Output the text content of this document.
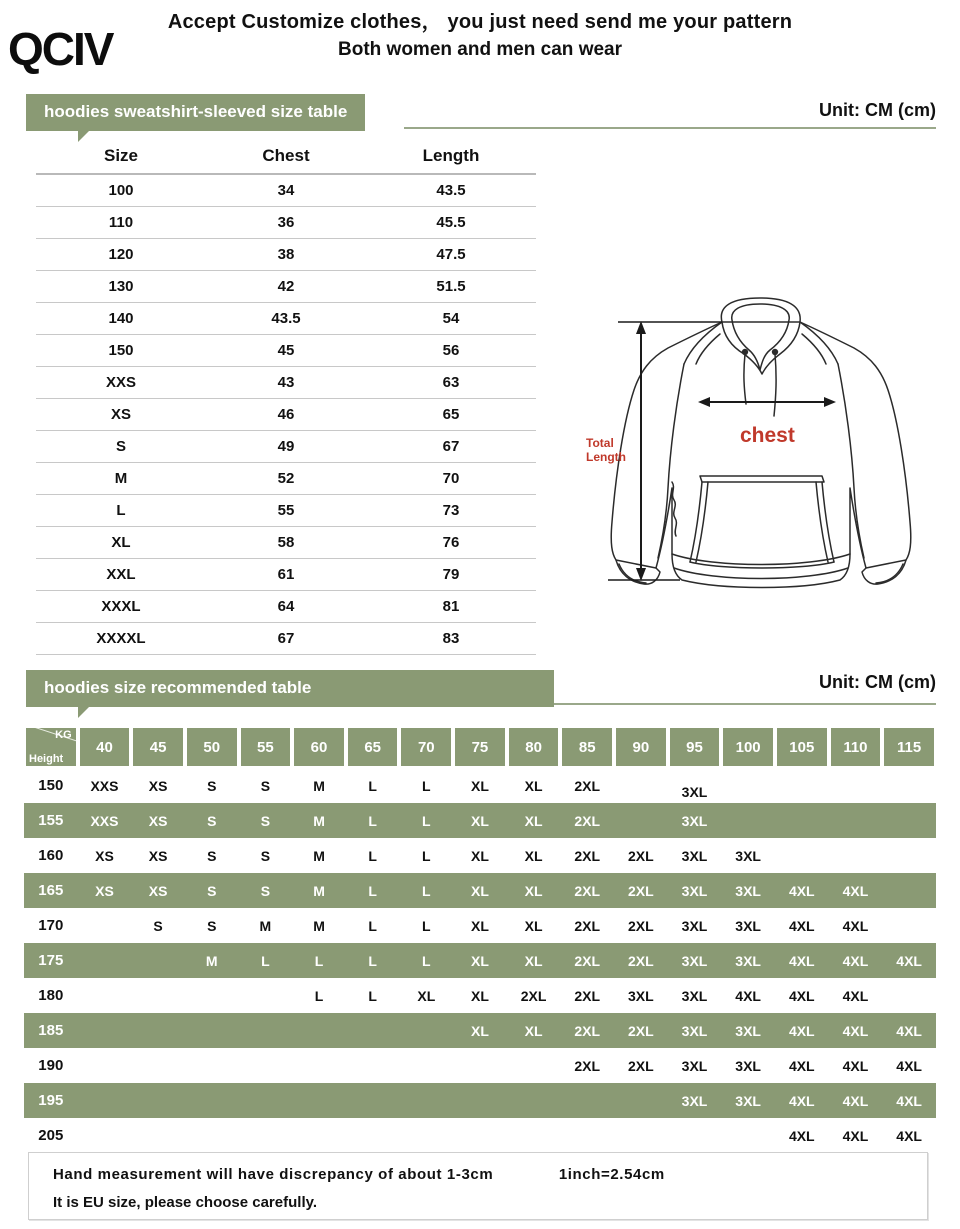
QCIV
Accept Customize clothes， you just need send me your pattern
Both women and men can wear
hoodies sweatshirt-sleeved size table	Unit: CM (cm)
Size	Chest	Length
100	34	43.5
110	36	45.5
120	38	47.5
130	42	51.5
140	43.5	54
150	45	56
XXS	43	63
XS	46	65
S	49	67
M	52	70
L	55	73
XL	58	76
XXL	61	79
XXXL	64	81
XXXXL	67	83
chest
Total
Length
hoodies size recommended table	Unit: CM (cm)
KG
Height	40	45	50	55	60	65	70	75	80	85	90	95	100	105	110	115
150	XXS	XS	S	S	M	L	L	XL	XL	2XL		3XL				
155	XXS	XS	S	S	M	L	L	XL	XL	2XL		3XL				
160	XS	XS	S	S	M	L	L	XL	XL	2XL	2XL	3XL	3XL			
165	XS	XS	S	S	M	L	L	XL	XL	2XL	2XL	3XL	3XL	4XL	4XL	
170		S	S	M	M	L	L	XL	XL	2XL	2XL	3XL	3XL	4XL	4XL	
175			M	L	L	L	L	XL	XL	2XL	2XL	3XL	3XL	4XL	4XL	4XL
180					L	L	XL	XL	2XL	2XL	3XL	3XL	4XL	4XL	4XL	
185								XL	XL	2XL	2XL	3XL	3XL	4XL	4XL	4XL
190										2XL	2XL	3XL	3XL	4XL	4XL	4XL
195												3XL	3XL	4XL	4XL	4XL
205														4XL	4XL	4XL
Hand measurement will have discrepancy of about 1-3cm	1inch=2.54cm
It is EU size, please choose carefully.
